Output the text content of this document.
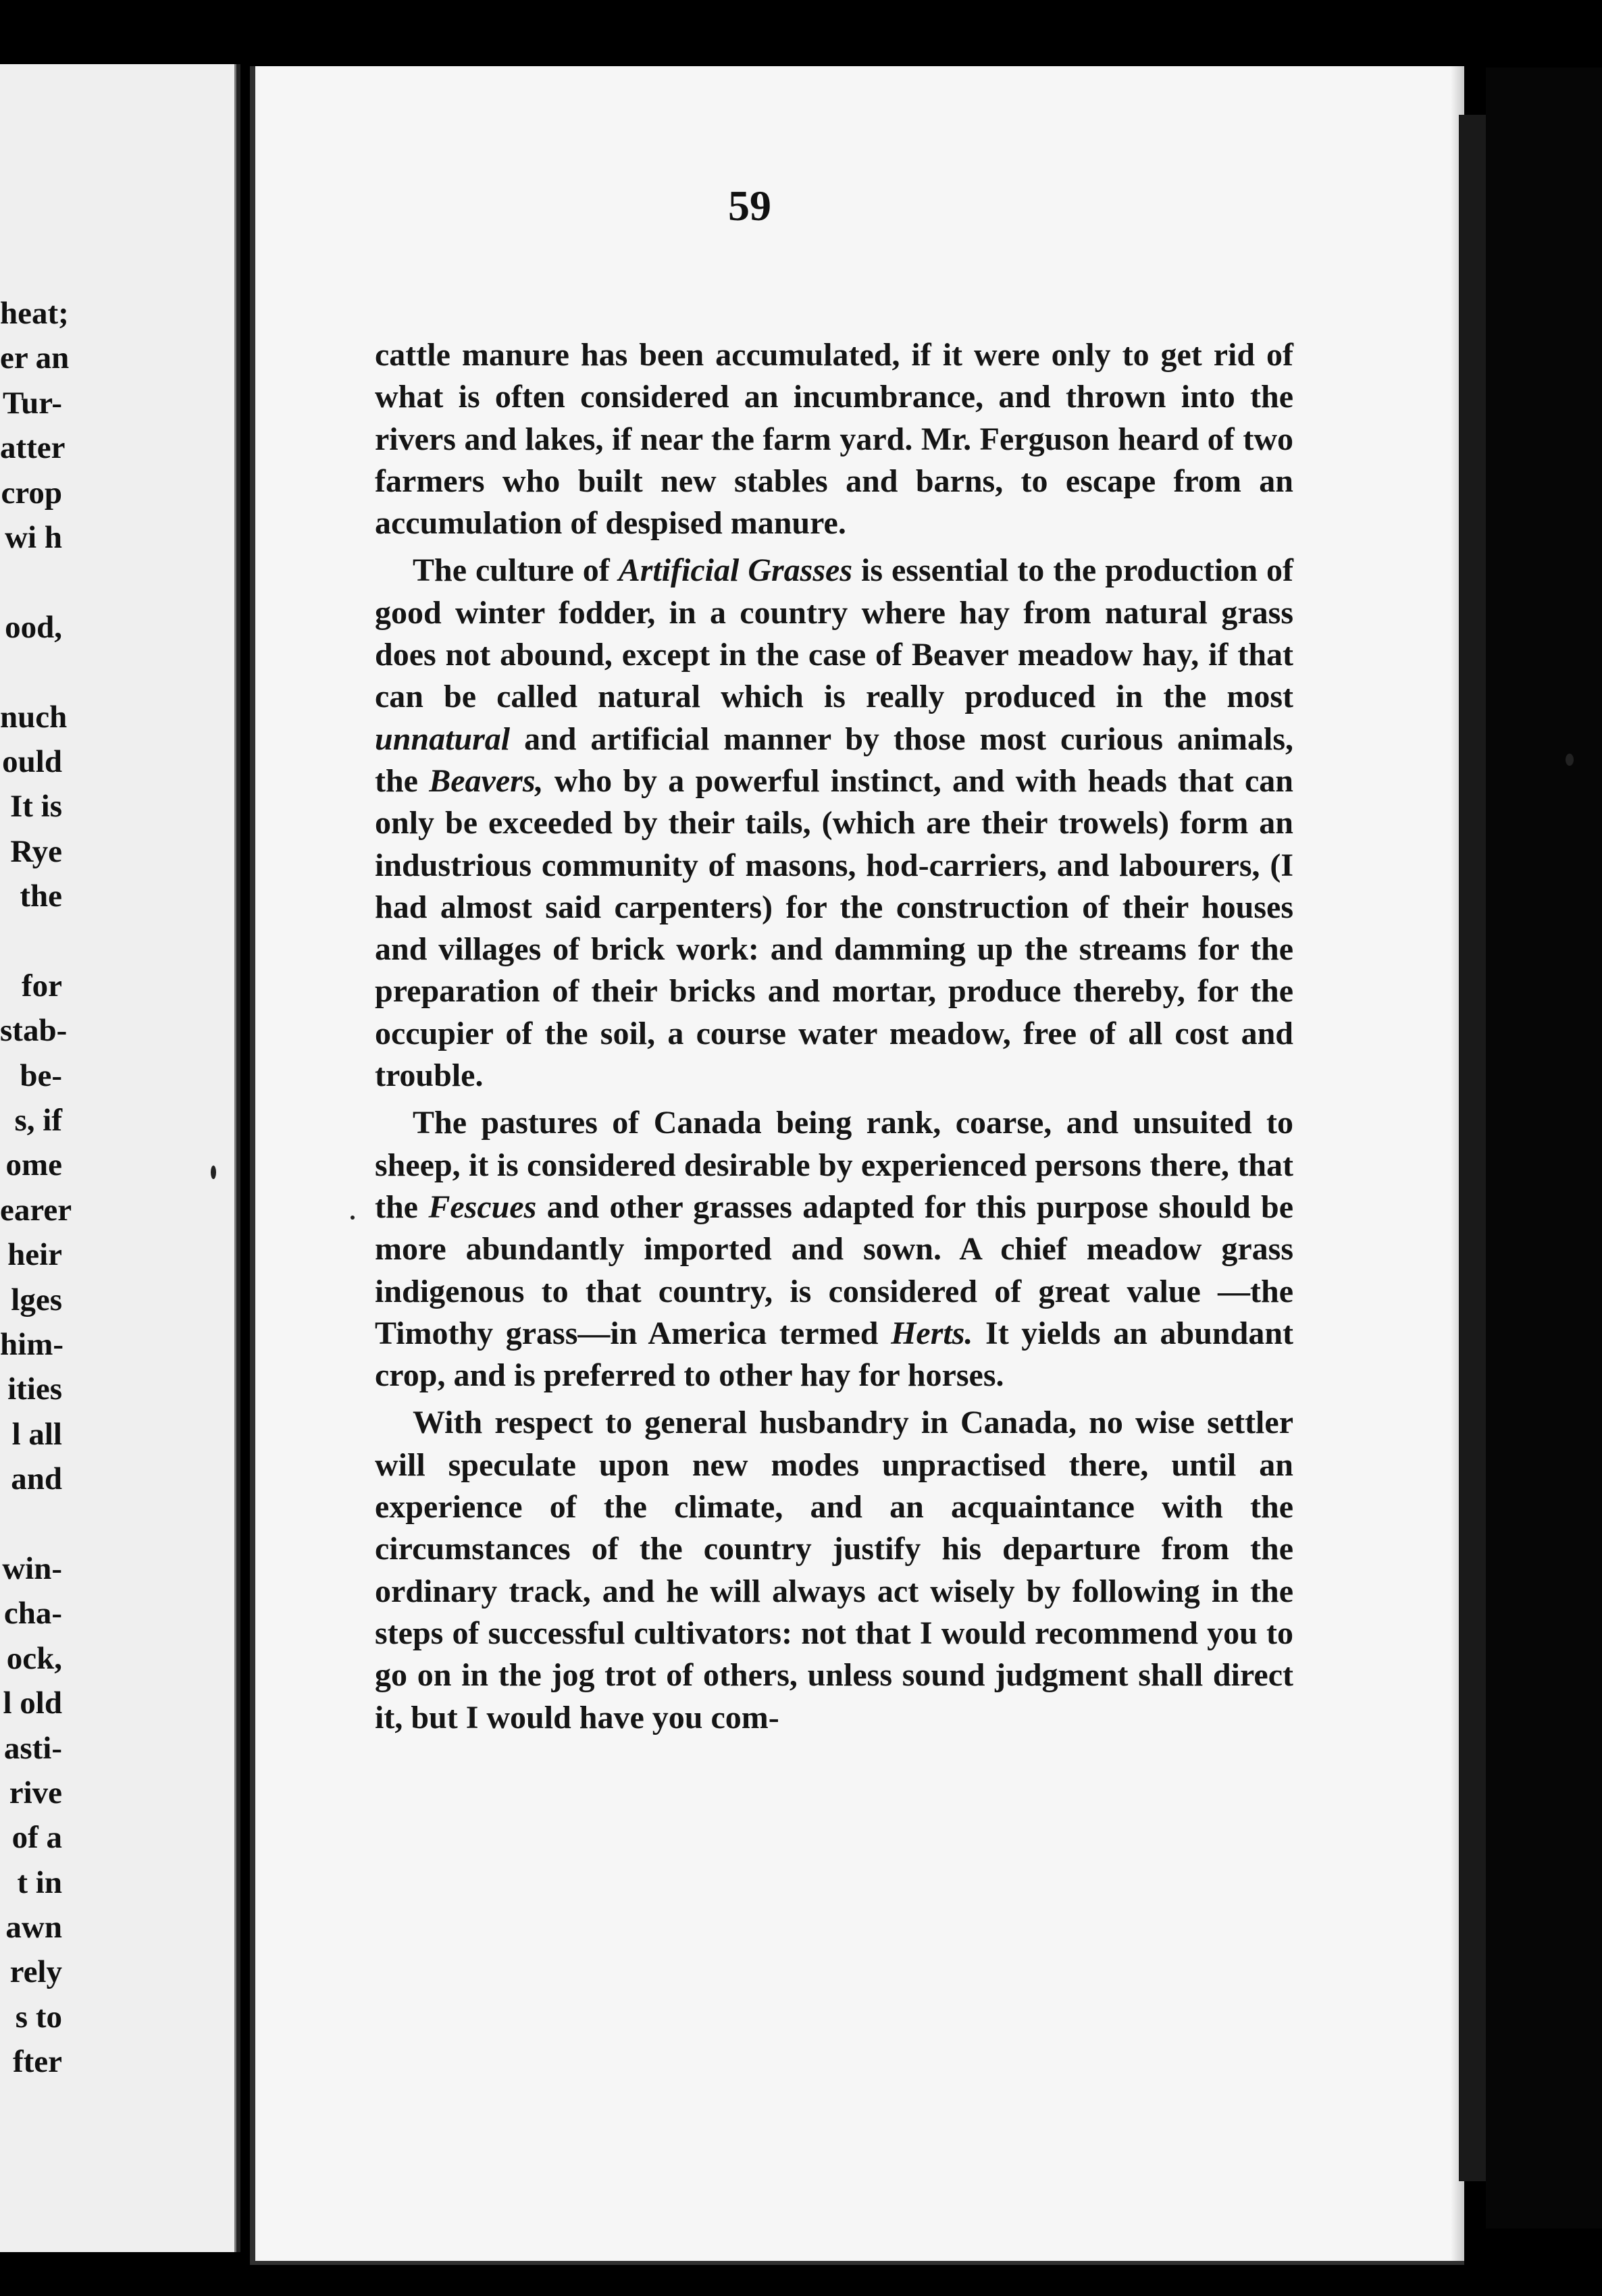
heat;
er an
Tur-
atter
crop
wi h
ood,
nuch
ould
It is
Rye
the
for
stab-
be-
s, if
ome
earer
heir
lges
him-
ities
l all
and
win-
cha-
ock,
l old
asti-
rive
of a
t in
awn
rely
s to
fter
59

cattle manure has been accumulated, if it were only to get rid of what is often considered an incumbrance, and thrown into the rivers and lakes, if near the farm yard. Mr. Ferguson heard of two farmers who built new stables and barns, to escape from an accumulation of despised manure.

The culture of Artificial Grasses is essential to the production of good winter fodder, in a country where hay from natural grass does not abound, except in the case of Beaver meadow hay, if that can be called natural which is really produced in the most unnatural and artificial manner by those most curious animals, the Beavers, who by a powerful instinct, and with heads that can only be exceeded by their tails, (which are their trowels) form an industrious community of masons, hod-carriers, and labourers, (I had almost said carpenters) for the construction of their houses and villages of brick work: and damming up the streams for the preparation of their bricks and mortar, produce thereby, for the occupier of the soil, a course water meadow, free of all cost and trouble.

The pastures of Canada being rank, coarse, and unsuited to sheep, it is considered desirable by experienced persons there, that the Fescues and other grasses adapted for this purpose should be more abundantly imported and sown. A chief meadow grass indigenous to that country, is considered of great value —the Timothy grass—in America termed Herts. It yields an abundant crop, and is preferred to other hay for horses.

With respect to general husbandry in Canada, no wise settler will speculate upon new modes unpractised there, until an experience of the climate, and an acquaintance with the circumstances of the country justify his departure from the ordinary track, and he will always act wisely by following in the steps of successful cultivators: not that I would recommend you to go on in the jog trot of others, unless sound judgment shall direct it, but I would have you com-
